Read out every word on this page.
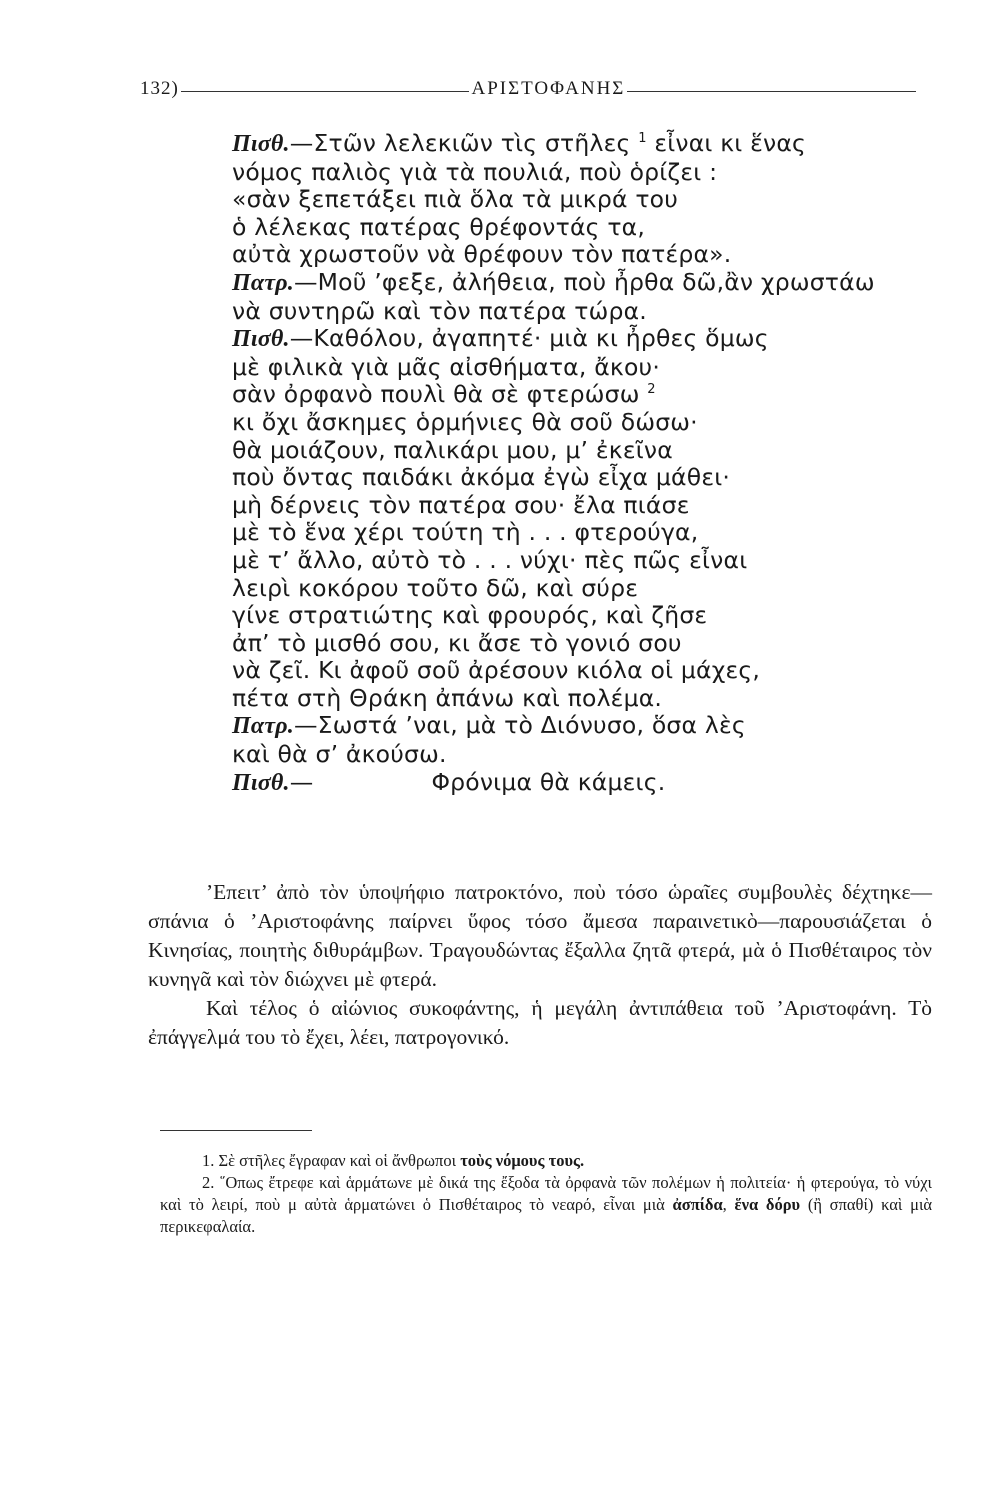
132)	ΑΡΙΣΤΟΦΑΝΗΣ
Πισθ.—Στῶν λελεκιῶν τὶς στῆλες $^1$ εἶναι κι ἕνας
νόμος παλιὸς γιὰ τὰ πουλιά, ποὺ ὁρίζει :
«σὰν ξεπετάξει πιὰ ὅλα τὰ μικρά του
ὁ λέλεκας πατέρας θρέφοντάς τα,
αὐτὰ χρωστοῦν νὰ θρέφουν τὸν πατέρα».
Πατρ.—Μοῦ ’φεξε, ἀλήθεια, ποὺ ἦρθα δῶ,ἂν χρωστάω
νὰ συντηρῶ καὶ τὸν πατέρα τώρα.
Πισθ.—Καθόλου, ἀγαπητέ· μιὰ κι ἦρθες ὅμως
μὲ φιλικὰ γιὰ μᾶς αἰσθήματα, ἄκου·
σὰν ὀρφανὸ πουλὶ θὰ σὲ φτερώσω $^2$
κι ὄχι ἄσκημες ὁρμήνιες θὰ σοῦ δώσω·
θὰ μοιάζουν, παλικάρι μου, μ’ ἐκεῖνα
ποὺ ὄντας παιδάκι ἀκόμα ἐγὼ εἶχα μάθει·
μὴ δέρνεις τὸν πατέρα σου· ἔλα πιάσε
μὲ τὸ ἕνα χέρι τούτη τὴ . . . φτερούγα,
μὲ τ’ ἄλλο, αὐτὸ τὸ . . . νύχι· πὲς πῶς εἶναι
λειρὶ κοκόρου τοῦτο δῶ, καὶ σύρε
γίνε στρατιώτης καὶ φρουρός, καὶ ζῆσε
ἀπ’ τὸ μισθό σου, κι ἄσε τὸ γονιό σου
νὰ ζεῖ. Κι ἀφοῦ σοῦ ἀρέσουν κιόλα οἱ μάχες,
πέτα στὴ Θράκη ἀπάνω καὶ πολέμα.
Πατρ.—Σωστά ’ναι, μὰ τὸ Διόνυσο, ὅσα λὲς
καὶ θὰ σ’ ἀκούσω.
Πισθ.—	Φρόνιμα θὰ κάμεις.

’Επειτ’ ἀπὸ τὸν ὑποψήφιο πατροκτόνο, ποὺ τόσο ὡραῖες συμβουλὲς δέχτηκε—σπάνια ὁ ’Αριστοφάνης παίρνει ὕφος τόσο ἄμεσα παραινετικὸ—παρουσιάζεται ὁ Κινησίας, ποιητὴς διθυράμβων. Τραγουδώντας ἔξαλλα ζητᾶ φτερά, μὰ ὁ Πισθέταιρος τὸν κυνηγᾶ καὶ τὸν διώχνει μὲ φτερά.

Καὶ τέλος ὁ αἰώνιος συκοφάντης, ἡ μεγάλη ἀντιπάθεια τοῦ ’Αριστοφάνη. Τὸ ἐπάγγελμά του τὸ ἔχει, λέει, πατρογονικό.

1. Σὲ στῆλες ἔγραφαν καὶ οἱ ἄνθρωποι τοὺς νόμους τους.

2. ῞Οπως ἔτρεφε καὶ ἁρμάτωνε μὲ δικά της ἔξοδα τὰ ὀρφανὰ τῶν πολέμων ἡ πολιτεία· ἡ φτερούγα, τὸ νύχι καὶ τὸ λειρί, ποὺ μ αὐτὰ ἁρματώνει ὁ Πισθέταιρος τὸ νεαρό, εἶναι μιὰ ἀσπίδα, ἕνα δόρυ (ἢ σπαθί) καὶ μιὰ περικεφαλαία.
